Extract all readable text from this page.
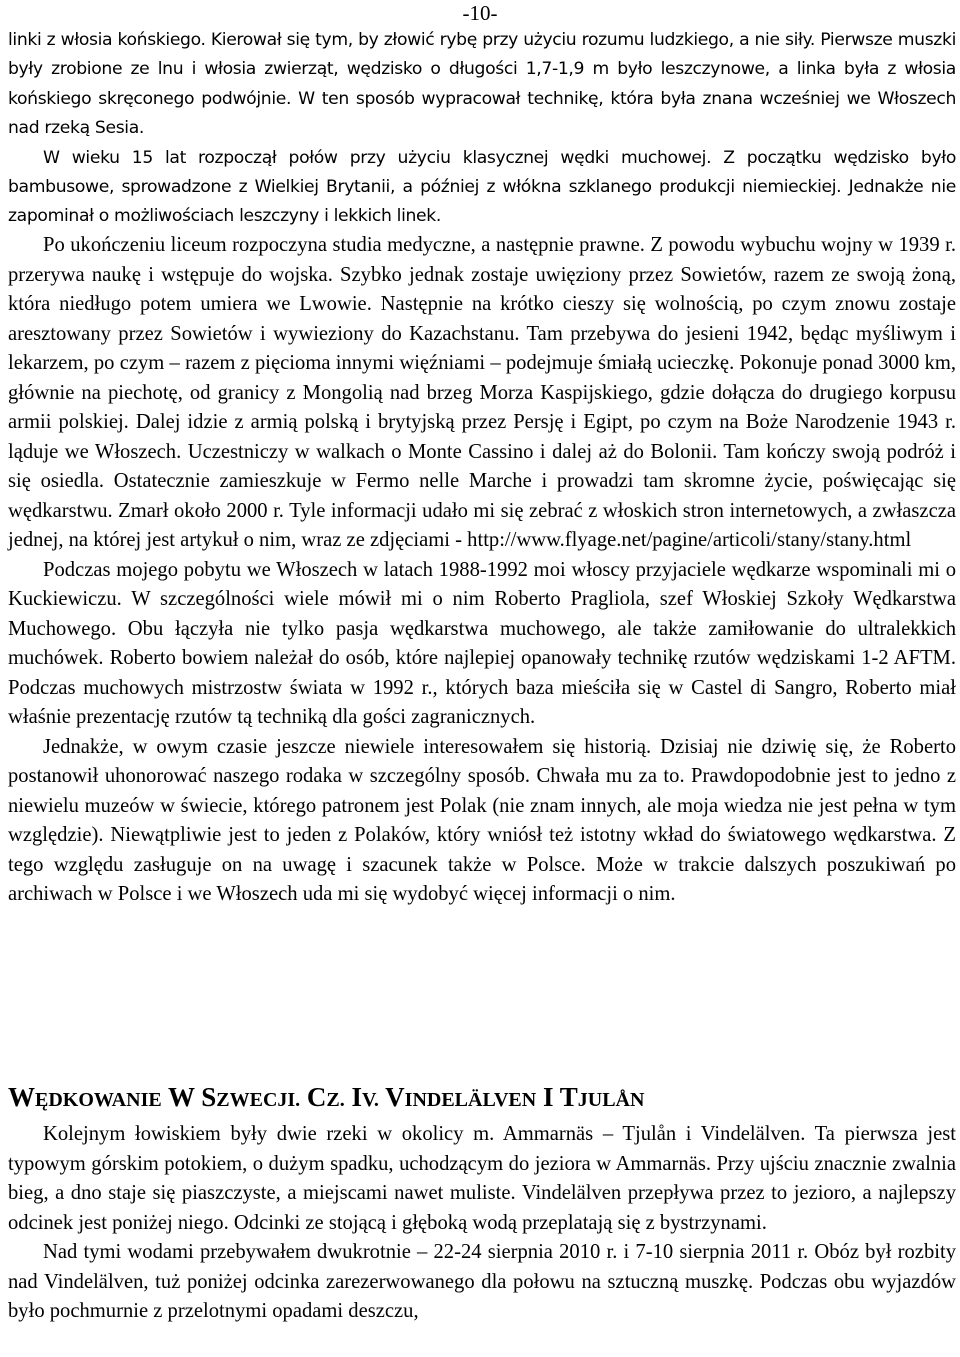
-10-

linki z włosia końskiego. Kierował się tym, by złowić rybę przy użyciu rozumu ludzkiego, a nie siły. Pierwsze muszki były zrobione ze lnu i włosia zwierząt, wędzisko o długości 1,7-1,9 m było leszczynowe, a linka była z włosia końskiego skręconego podwójnie. W ten sposób wypracował technikę, która była znana wcześniej we Włoszech nad rzeką Sesia.

W wieku 15 lat rozpoczął połów przy użyciu klasycznej wędki muchowej. Z początku wędzisko było bambusowe, sprowadzone z Wielkiej Brytanii, a później z włókna szklanego produkcji niemieckiej. Jednakże nie zapominał o możliwościach leszczyny i lekkich linek.

Po ukończeniu liceum rozpoczyna studia medyczne, a następnie prawne. Z powodu wybuchu wojny w 1939 r. przerywa naukę i wstępuje do wojska. Szybko jednak zostaje uwięziony przez Sowietów, razem ze swoją żoną, która niedługo potem umiera we Lwowie. Następnie na krótko cieszy się wolnością, po czym znowu zostaje aresztowany przez Sowietów i wywieziony do Kazachstanu. Tam przebywa do jesieni 1942, będąc myśliwym i lekarzem, po czym – razem z pięcioma innymi więźniami – podejmuje śmiałą ucieczkę. Pokonuje ponad 3000 km, głównie na piechotę, od granicy z Mongolią nad brzeg Morza Kaspijskiego, gdzie dołącza do drugiego korpusu armii polskiej. Dalej idzie z armią polską i brytyjską przez Persję i Egipt, po czym na Boże Narodzenie 1943 r. ląduje we Włoszech. Uczestniczy w walkach o Monte Cassino i dalej aż do Bolonii. Tam kończy swoją podróż i się osiedla. Ostatecznie zamieszkuje w Fermo nelle Marche i prowadzi tam skromne życie, poświęcając się wędkarstwu. Zmarł około 2000 r. Tyle informacji udało mi się zebrać z włoskich stron internetowych, a zwłaszcza jednej, na której jest artykuł o nim, wraz ze zdjęciami - http://www.flyage.net/pagine/articoli/stany/stany.html

Podczas mojego pobytu we Włoszech w latach 1988-1992 moi włoscy przyjaciele wędkarze wspominali mi o Kuckiewiczu. W szczególności wiele mówił mi o nim Roberto Pragliola, szef Włoskiej Szkoły Wędkarstwa Muchowego. Obu łączyła nie tylko pasja wędkarstwa muchowego, ale także zamiłowanie do ultralekkich muchówek. Roberto bowiem należał do osób, które najlepiej opanowały technikę rzutów wędziskami 1-2 AFTM. Podczas muchowych mistrzostw świata w 1992 r., których baza mieściła się w Castel di Sangro, Roberto miał właśnie prezentację rzutów tą techniką dla gości zagranicznych.

Jednakże, w owym czasie jeszcze niewiele interesowałem się historią. Dzisiaj nie dziwię się, że Roberto postanowił uhonorować naszego rodaka w szczególny sposób. Chwała mu za to. Prawdopodobnie jest to jedno z niewielu muzeów w świecie, którego patronem jest Polak (nie znam innych, ale moja wiedza nie jest pełna w tym względzie). Niewątpliwie jest to jeden z Polaków, który wniósł też istotny wkład do światowego wędkarstwa. Z tego względu zasługuje on na uwagę i szacunek także w Polsce. Może w trakcie dalszych poszukiwań po archiwach w Polsce i we Włoszech uda mi się wydobyć więcej informacji o nim.

WĘDKOWANIE W SZWECJI. CZ. IV. VINDELÄLVEN I TJULÅN

Kolejnym łowiskiem były dwie rzeki w okolicy m. Ammarnäs – Tjulån i Vindelälven. Ta pierwsza jest typowym górskim potokiem, o dużym spadku, uchodzącym do jeziora w Ammarnäs. Przy ujściu znacznie zwalnia bieg, a dno staje się piaszczyste, a miejscami nawet muliste. Vindelälven przepływa przez to jezioro, a najlepszy odcinek jest poniżej niego. Odcinki ze stojącą i głęboką wodą przeplatają się z bystrzynami.

Nad tymi wodami przebywałem dwukrotnie – 22-24 sierpnia 2010 r. i 7-10 sierpnia 2011 r. Obóz był rozbity nad Vindelälven, tuż poniżej odcinka zarezerwowanego dla połowu na sztuczną muszkę. Podczas obu wyjazdów było pochmurnie z przelotnymi opadami deszczu,
